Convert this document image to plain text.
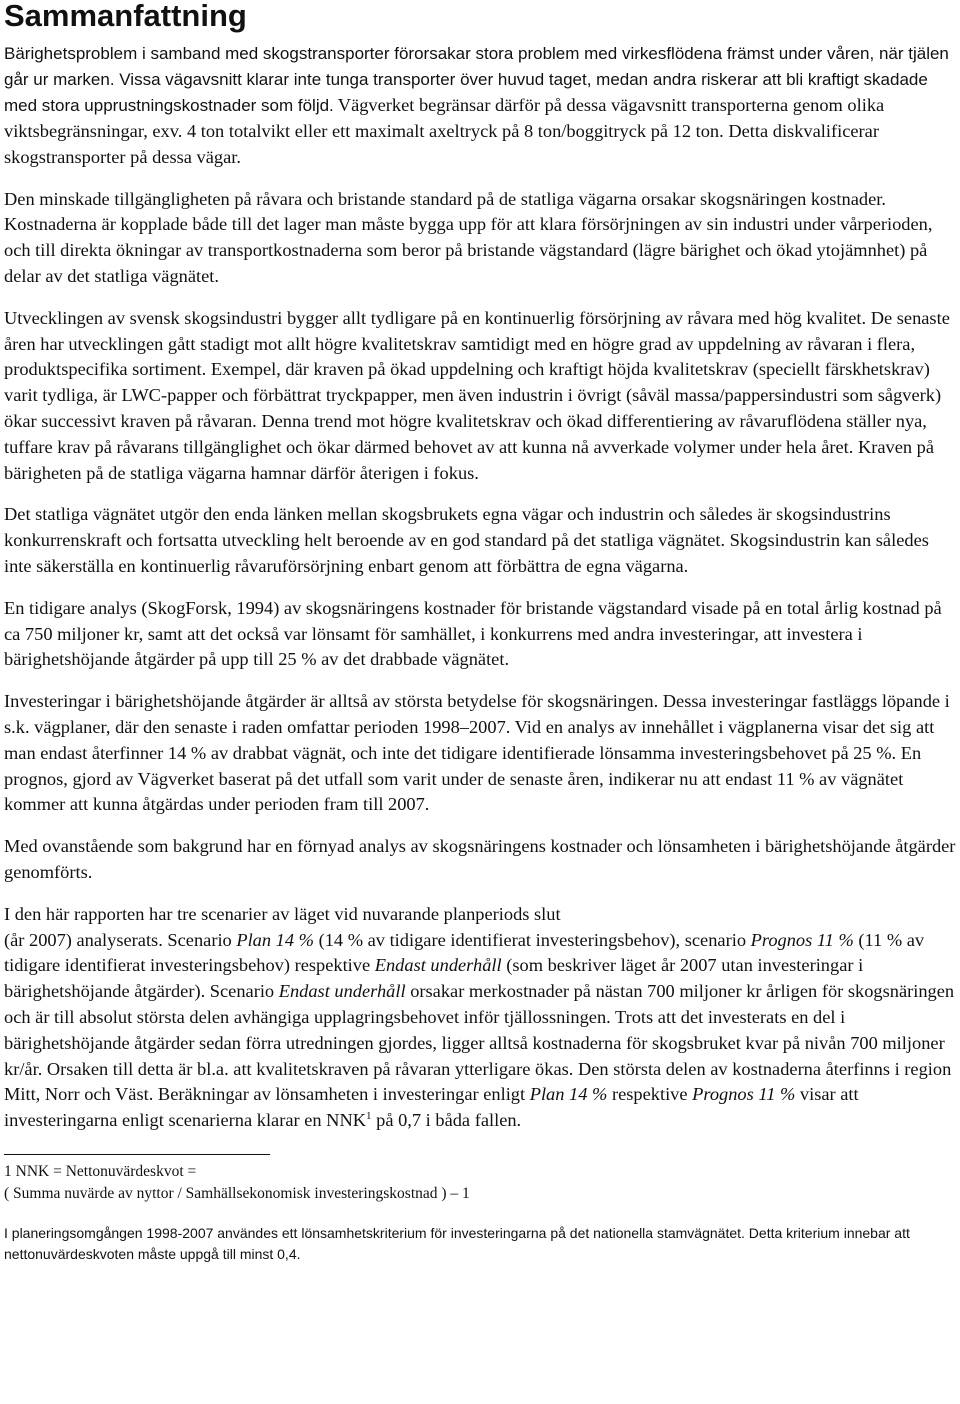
Sammanfattning

Bärighetsproblem i samband med skogstransporter förorsakar stora problem med virkesflödena främst under våren, när tjälen går ur marken. Vissa vägavsnitt klarar inte tunga transporter över huvud taget, medan andra riskerar att bli kraftigt skadade med stora upprustningskostnader som följd. Vägverket begränsar därför på dessa vägavsnitt transporterna genom olika viktsbegränsningar, exv. 4 ton totalvikt eller ett maximalt axeltryck på 8 ton/boggitryck på 12 ton. Detta diskvalificerar skogstransporter på dessa vägar.

Den minskade tillgängligheten på råvara och bristande standard på de statliga vägarna orsakar skogsnäringen kostnader. Kostnaderna är kopplade både till det lager man måste bygga upp för att klara försörjningen av sin industri under vårperioden, och till direkta ökningar av transportkostnaderna som beror på bristande vägstandard (lägre bärighet och ökad ytojämnhet) på delar av det statliga vägnätet.

Utvecklingen av svensk skogsindustri bygger allt tydligare på en kontinuerlig försörjning av råvara med hög kvalitet. De senaste åren har utvecklingen gått stadigt mot allt högre kvalitetskrav samtidigt med en högre grad av uppdelning av råvaran i flera, produktspecifika sortiment. Exempel, där kraven på ökad uppdelning och kraftigt höjda kvalitetskrav (speciellt färskhetskrav) varit tydliga, är LWC-papper och förbättrat tryckpapper, men även industrin i övrigt (såväl massa/pappersindustri som sågverk) ökar successivt kraven på råvaran. Denna trend mot högre kvalitetskrav och ökad differentiering av råvaruflödena ställer nya, tuffare krav på råvarans tillgänglighet och ökar därmed behovet av att kunna nå avverkade volymer under hela året. Kraven på bärigheten på de statliga vägarna hamnar därför återigen i fokus.

Det statliga vägnätet utgör den enda länken mellan skogsbrukets egna vägar och industrin och således är skogsindustrins konkurrenskraft och fortsatta utveckling helt beroende av en god standard på det statliga vägnätet. Skogsindustrin kan således inte säkerställa en kontinuerlig råvaruförsörjning enbart genom att förbättra de egna vägarna.

En tidigare analys (SkogForsk, 1994) av skogsnäringens kostnader för bristande vägstandard visade på en total årlig kostnad på ca 750 miljoner kr, samt att det också var lönsamt för samhället, i konkurrens med andra investeringar, att investera i bärighetshöjande åtgärder på upp till 25 % av det drabbade vägnätet.

Investeringar i bärighetshöjande åtgärder är alltså av största betydelse för skogsnäringen. Dessa investeringar fastläggs löpande i s.k. vägplaner, där den senaste i raden omfattar perioden 1998–2007. Vid en analys av innehållet i vägplanerna visar det sig att man endast återfinner 14 % av drabbat vägnät, och inte det tidigare identifierade lönsamma investeringsbehovet på 25 %. En prognos, gjord av Vägverket baserat på det utfall som varit under de senaste åren, indikerar nu att endast 11 % av vägnätet kommer att kunna åtgärdas under perioden fram till 2007.

Med ovanstående som bakgrund har en förnyad analys av skogsnäringens kostnader och lönsamheten i bärighetshöjande åtgärder genomförts.

I den här rapporten har tre scenarier av läget vid nuvarande planperiods slut
(år 2007) analyserats. Scenario Plan 14 % (14 % av tidigare identifierat investeringsbehov), scenario Prognos 11 % (11 % av tidigare identifierat investeringsbehov) respektive Endast underhåll (som beskriver läget år 2007 utan investeringar i bärighetshöjande åtgärder). Scenario Endast underhåll orsakar merkostnader på nästan 700 miljoner kr årligen för skogsnäringen och är till absolut största delen avhängiga upplagringsbehovet inför tjällossningen. Trots att det investerats en del i bärighetshöjande åtgärder sedan förra utredningen gjordes, ligger alltså kostnaderna för skogsbruket kvar på nivån 700 miljoner kr/år. Orsaken till detta är bl.a. att kvalitetskraven på råvaran ytterligare ökas. Den största delen av kostnaderna återfinns i region Mitt, Norr och Väst. Beräkningar av lönsamheten i investeringar enligt Plan 14 % respektive Prognos 11 % visar att investeringarna enligt scenarierna klarar en NNK$^1$ på 0,7 i båda fallen.

1 NNK = Nettonuvärdeskvot =
( Summa nuvärde av nyttor / Samhällsekonomisk investeringskostnad ) – 1
I planeringsomgången 1998-2007 användes ett lönsamhetskriterium för investeringarna på det nationella stamvägnätet. Detta kriterium innebar att nettonuvärdeskvoten måste uppgå till minst 0,4.
